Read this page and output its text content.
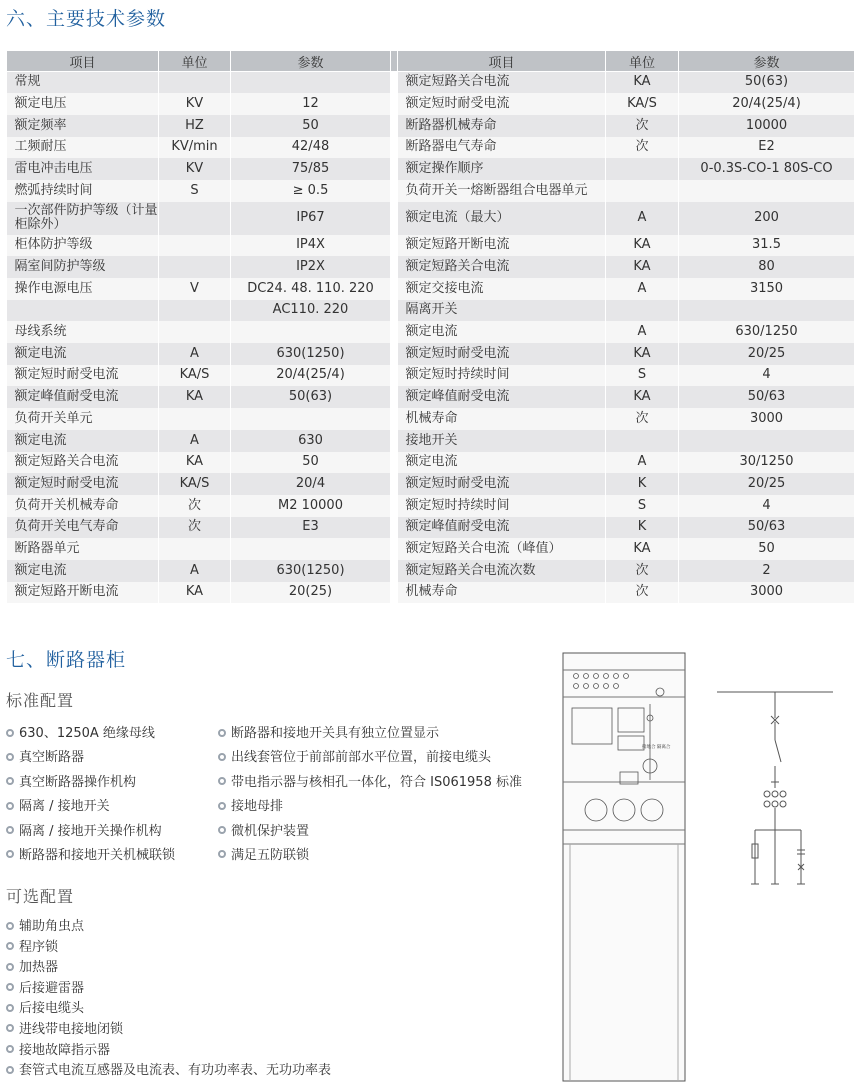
六、主要技术参数
项目	单位	参数		项目	单位	参数
常规				额定短路关合电流	KA	50(63)
额定电压	KV	12		额定短时耐受电流	KA/S	20/4(25/4)
额定频率	HZ	50		断路器机械寿命	次	10000
工频耐压	KV/min	42/48		断路器电气寿命	次	E2
雷电冲击电压	KV	75/85		额定操作顺序		0-0.3S-CO-1 80S-CO
燃弧持续时间	S	≥ 0.5		负荷开关一熔断器组合电器单元		
一次部件防护等级（计量柜除外）		IP67		额定电流（最大）	A	200
柜体防护等级		IP4X		额定短路开断电流	KA	31.5
隔室间防护等级		IP2X		额定短路关合电流	KA	80
操作电源电压	V	DC24. 48. 110. 220		额定交接电流	A	3150
		AC110. 220		隔离开关		
母线系统				额定电流	A	630/1250
额定电流	A	630(1250)		额定短时耐受电流	KA	20/25
额定短时耐受电流	KA/S	20/4(25/4)		额定短时持续时间	S	4
额定峰值耐受电流	KA	50(63)		额定峰值耐受电流	KA	50/63
负荷开关单元				机械寿命	次	3000
额定电流	A	630		接地开关		
额定短路关合电流	KA	50		额定电流	A	30/1250
额定短时耐受电流	KA/S	20/4		额定短时耐受电流	K	20/25
负荷开关机械寿命	次	M2 10000		额定短时持续时间	S	4
负荷开关电气寿命	次	E3		额定峰值耐受电流	K	50/63
断路器单元				额定短路关合电流（峰值）	KA	50
额定电流	A	630(1250)		额定短路关合电流次数	次	2
额定短路开断电流	KA	20(25)		机械寿命	次	3000
七、断路器柜
标准配置
630、1250A 绝缘母线
真空断路器
真空断路器操作机构
隔离 / 接地开关
隔离 / 接地开关操作机构
断路器和接地开关机械联锁
断路器和接地开关具有独立位置显示
出线套管位于前部前部水平位置，前接电缆头
带电指示器与核相孔一体化，符合 IS061958 标准
接地母排
微机保护装置
满足五防联锁
可选配置
辅助角虫点
程序锁
加热器
后接避雷器
后接电缆头
进线带电接地闭锁
接地故障指示器
套管式电流互感器及电流表、有功功率表、无功功率表
接地合 隔离合
